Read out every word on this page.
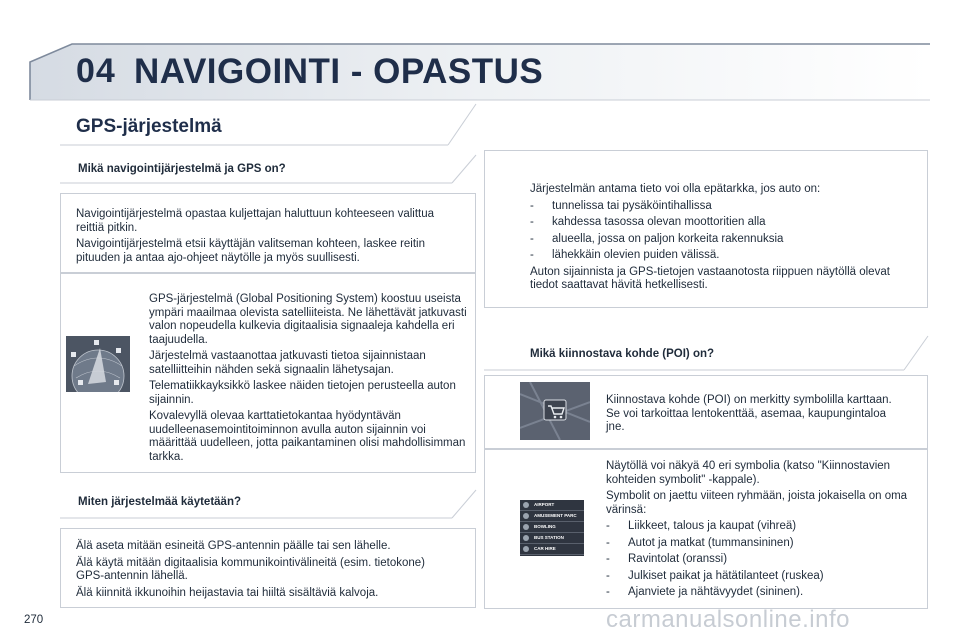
04 NAVIGOINTI - OPASTUS
GPS-järjestelmä
Mikä navigointijärjestelmä ja GPS on?

Navigointijärjestelmä opastaa kuljettajan haluttuun kohteeseen valittua reittiä pitkin.

Navigointijärjestelmä etsii käyttäjän valitseman kohteen, laskee reitin pituuden ja antaa ajo-ohjeet näytölle ja myös suullisesti.

GPS-järjestelmä (Global Positioning System) koostuu useista ympäri maailmaa olevista satelliiteista. Ne lähettävät jatkuvasti valon nopeudella kulkevia digitaalisia signaaleja kahdella eri taajuudella.

Järjestelmä vastaanottaa jatkuvasti tietoa sijainnistaan satelliitteihin nähden sekä signaalin lähetysajan.

Telematiikkayksikkö laskee näiden tietojen perusteella auton sijainnin.

Kovalevyllä olevaa karttatietokantaa hyödyntävän uudelleenasemointitoiminnon avulla auton sijainnin voi määrittää uudelleen, jotta paikantaminen olisi mahdollisimman tarkka.

Miten järjestelmää käytetään?

Älä aseta mitään esineitä GPS-antennin päälle tai sen lähelle.

Älä käytä mitään digitaalisia kommunikointivälineitä (esim. tietokone) GPS-antennin lähellä.

Älä kiinnitä ikkunoihin heijastavia tai hiiltä sisältäviä kalvoja.

Järjestelmän antama tieto voi olla epätarkka, jos auto on:

- tunnelissa tai pysäköintihallissa
- kahdessa tasossa olevan moottoritien alla
- alueella, jossa on paljon korkeita rakennuksia
- lähekkäin olevien puiden välissä.

Auton sijainnista ja GPS-tietojen vastaanotosta riippuen näytöllä olevat tiedot saattavat hävitä hetkellisesti.

Mikä kiinnostava kohde (POI) on?
Kiinnostava kohde (POI) on merkitty symbolilla karttaan. Se voi tarkoittaa lentokenttää, asemaa, kaupungintaloa jne.
AIRPORT
AMUSEMENT PARC
BOWLING
BUS STATION
CAR HIRE

Näytöllä voi näkyä 40 eri symbolia (katso "Kiinnostavien kohteiden symbolit" -kappale).

Symbolit on jaettu viiteen ryhmään, joista jokaisella on oma värinsä:

- Liikkeet, talous ja kaupat (vihreä)
- Autot ja matkat (tummansininen)
- Ravintolat (oranssi)
- Julkiset paikat ja hätätilanteet (ruskea)
- Ajanviete ja nähtävyydet (sininen).
270	carmanualsonline.info
